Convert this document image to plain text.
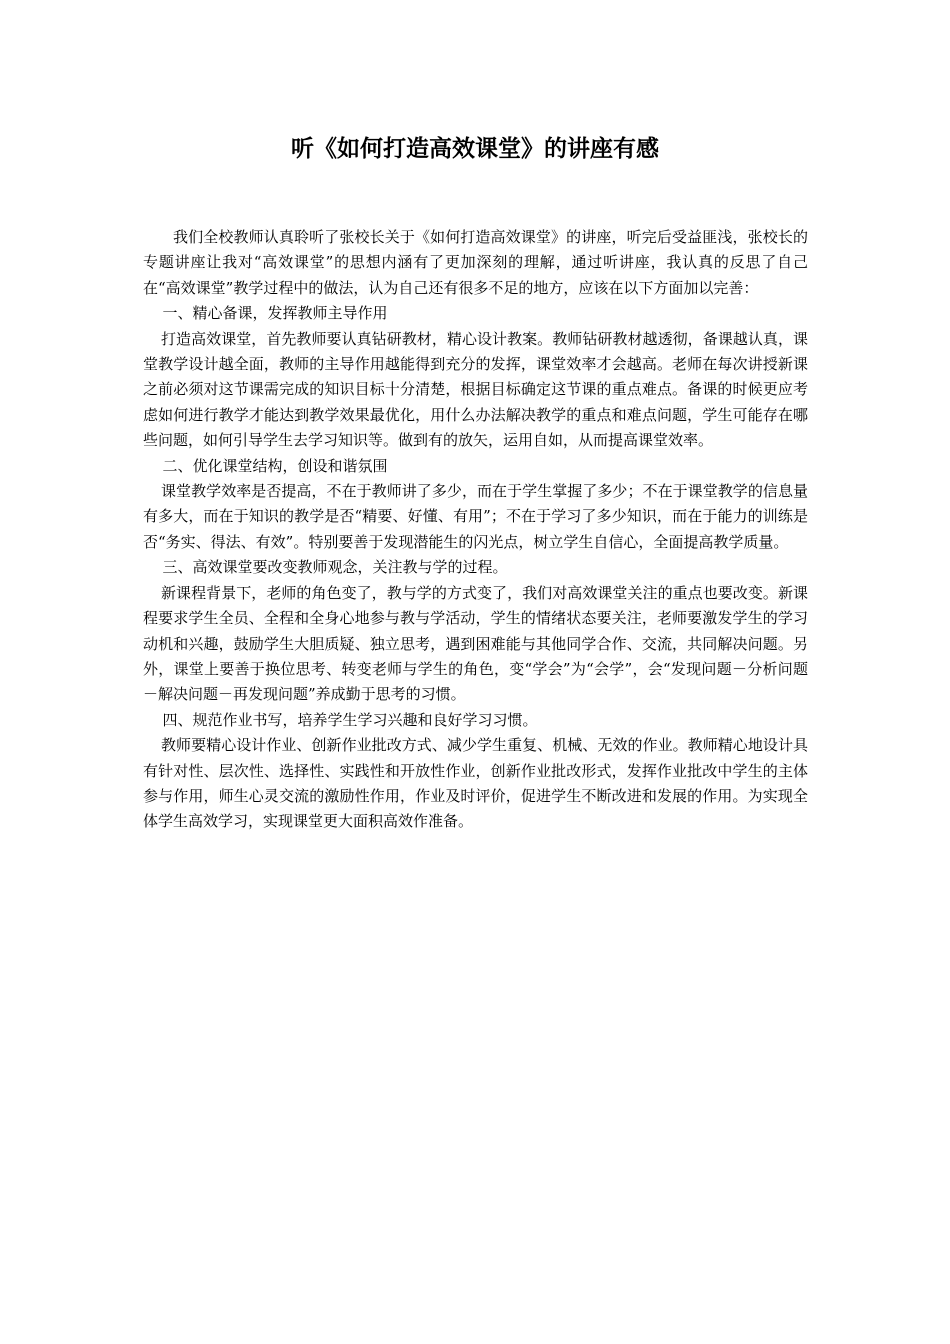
听《如何打造高效课堂》的讲座有感

我们全校教师认真聆听了张校长关于《如何打造高效课堂》的讲座，听完后受益匪浅，张校长的专题讲座让我对“高效课堂”的思想内涵有了更加深刻的理解，通过听讲座，我认真的反思了自己在“高效课堂”教学过程中的做法，认为自己还有很多不足的地方，应该在以下方面加以完善：

一、精心备课，发挥教师主导作用

打造高效课堂，首先教师要认真钻研教材，精心设计教案。教师钻研教材越透彻，备课越认真，课堂教学设计越全面，教师的主导作用越能得到充分的发挥，课堂效率才会越高。老师在每次讲授新课之前必须对这节课需完成的知识目标十分清楚，根据目标确定这节课的重点难点。备课的时候更应考虑如何进行教学才能达到教学效果最优化，用什么办法解决教学的重点和难点问题，学生可能存在哪些问题，如何引导学生去学习知识等。做到有的放矢，运用自如，从而提高课堂效率。

二、优化课堂结构，创设和谐氛围

课堂教学效率是否提高，不在于教师讲了多少，而在于学生掌握了多少；不在于课堂教学的信息量有多大，而在于知识的教学是否“精要、好懂、有用”；不在于学习了多少知识，而在于能力的训练是否“务实、得法、有效”。特别要善于发现潜能生的闪光点，树立学生自信心，全面提高教学质量。

三、高效课堂要改变教师观念，关注教与学的过程。

新课程背景下，老师的角色变了，教与学的方式变了，我们对高效课堂关注的重点也要改变。新课程要求学生全员、全程和全身心地参与教与学活动，学生的情绪状态要关注，老师要激发学生的学习动机和兴趣，鼓励学生大胆质疑、独立思考，遇到困难能与其他同学合作、交流，共同解决问题。另外，课堂上要善于换位思考、转变老师与学生的角色，变“学会”为“会学”，会“发现问题－分析问题－解决问题－再发现问题”养成勤于思考的习惯。

四、规范作业书写，培养学生学习兴趣和良好学习习惯。

教师要精心设计作业、创新作业批改方式、减少学生重复、机械、无效的作业。教师精心地设计具有针对性、层次性、选择性、实践性和开放性作业，创新作业批改形式，发挥作业批改中学生的主体参与作用，师生心灵交流的激励性作用，作业及时评价，促进学生不断改进和发展的作用。为实现全体学生高效学习，实现课堂更大面积高效作准备。
